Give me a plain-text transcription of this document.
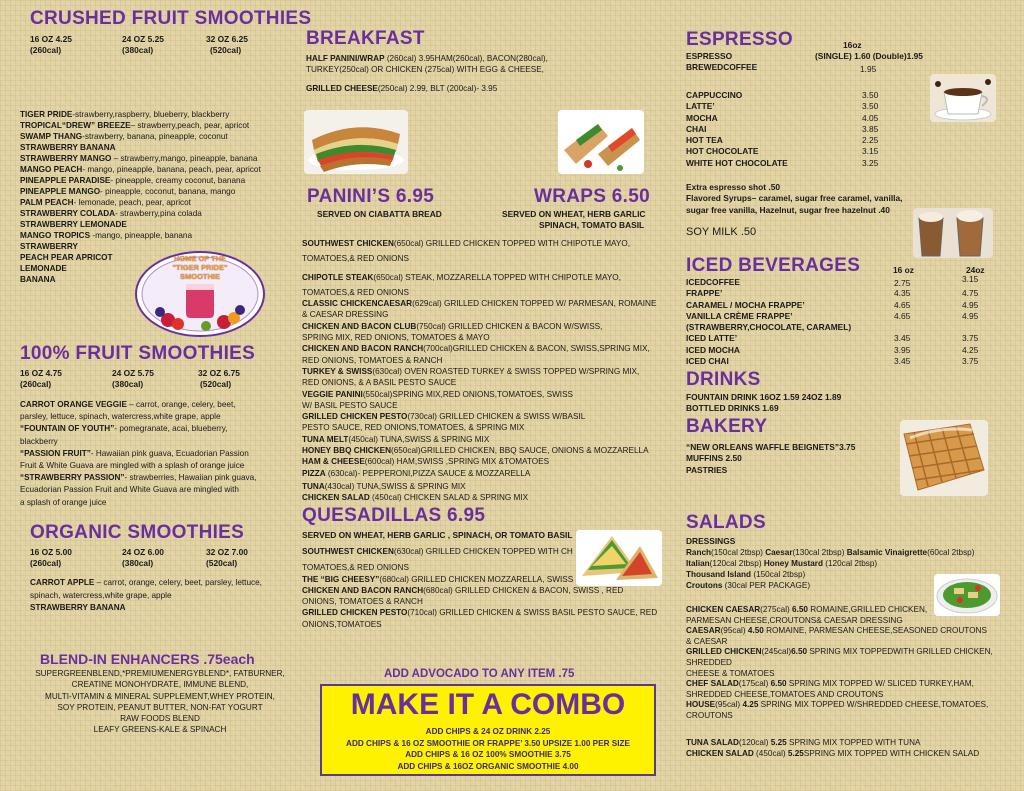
CRUSHED FRUIT SMOOTHIES
16 OZ 4.25	24 OZ 5.25	32 OZ 6.25
(260cal)	(380cal)	(520cal)
TIGER PRIDE-strawberry,raspberry, blueberry, blackberry
TROPICAL“DREW” BREEZE– strawberry,peach, pear, apricot
SWAMP THANG-strawberry, banana, pineapple, coconut
STRAWBERRY BANANA
STRAWBERRY MANGO – strawberry,mango, pineapple, banana
MANGO PEACH- mango, pineapple, banana, peach, pear, apricot
PINEAPPLE PARADISE- pineapple, creamy coconut, banana
PINEAPPLE MANGO- pineapple, coconut, banana, mango
PALM PEACH- lemonade, peach, pear, apricot
STRAWBERRY COLADA- strawberry,pina colada
STRAWBERRY LEMONADE
MANGO TROPICS -mango, pineapple, banana
STRAWBERRY
PEACH PEAR APRICOT
LEMONADE
BANANA
HOME OF THE
"TIGER PRIDE"
SMOOTHIE
100% FRUIT SMOOTHIES
16 OZ 4.75	24 OZ 5.75	32 OZ 6.75
(260cal)	(380cal)	(520cal)
CARROT ORANGE VEGGIE – carrot, orange, celery, beet,
parsley, lettuce, spinach, watercress,white grape, apple
“FOUNTAIN OF YOUTH”- pomegranate, acai, blueberry,
blackberry
“PASSION FRUIT”- Hawaiian pink guava, Ecuadorian Passion
Fruit & White Guava are mingled with a splash of orange juice
“STRAWBERRY PASSION”- strawberries, Hawaiian pink guava,
Ecuadorian Passion Fruit and White Guava are mingled with
a splash of orange juice
ORGANIC SMOOTHIES
16 OZ 5.00	24 OZ 6.00	32 OZ 7.00
(260cal)	(380cal)	(520cal)
CARROT APPLE – carrot, orange, celery, beet, parsley, lettuce,
spinach, watercress,white grape, apple
STRAWBERRY BANANA
BLEND-IN ENHANCERS .75each
SUPERGREENBLEND,*PREMIUMENERGYBLEND*, FATBURNER,
CREATINE MONOHYDRATE, IMMUNE BLEND,
MULTI-VITAMIN & MINERAL SUPPLEMENT,WHEY PROTEIN,
SOY PROTEIN, PEANUT BUTTER, NON-FAT YOGURT
RAW FOODS BLEND
LEAFY GREENS-KALE & SPINACH
BREAKFAST
HALF PANINI/WRAP (260cal) 3.95HAM(260cal), BACON(280cal),
TURKEY(250cal) OR CHICKEN (275cal) WITH EGG & CHEESE,
GRILLED CHEESE(250cal) 2.99, BLT (200cal)- 3.95
PANINI’S 6.95
SERVED ON CIABATTA BREAD
WRAPS 6.50
SERVED ON WHEAT, HERB GARLIC
SPINACH, TOMATO BASIL
SOUTHWEST CHICKEN(650cal) GRILLED CHICKEN TOPPED WITH CHIPOTLE MAYO,
TOMATOES,& RED ONIONS
CHIPOTLE STEAK(650cal) STEAK, MOZZARELLA TOPPED WITH CHIPOTLE MAYO,
TOMATOES,& RED ONIONS
CLASSIC CHICKENCAESAR(629cal) GRILLED CHICKEN TOPPED W/ PARMESAN, ROMAINE
& CAESAR DRESSING
CHICKEN AND BACON CLUB(750cal) GRILLED CHICKEN & BACON W/SWISS,
SPRING MIX, RED ONIONS, TOMATOES & MAYO
CHICKEN AND BACON RANCH(700cal)GRILLED CHICKEN & BACON, SWISS,SPRING MIX,
RED ONIONS, TOMATOES & RANCH
TURKEY & SWISS(630cal) OVEN ROASTED TURKEY & SWISS TOPPED W/SPRING MIX,
RED ONIONS, & A BASIL PESTO SAUCE
VEGGIE PANINI(550cal)SPRING MIX,RED ONIONS,TOMATOES, SWISS
W/ BASIL PESTO SAUCE
GRILLED CHICKEN PESTO(730cal) GRILLED CHICKEN & SWISS W/BASIL
PESTO SAUCE, RED ONIONS,TOMATOES, & SPRING MIX
TUNA MELT(450cal) TUNA,SWISS & SPRING MIX
HONEY BBQ CHICKEN(650cal)GRILLED CHICKEN, BBQ SAUCE, ONIONS & MOZZARELLA
HAM & CHEESE(600cal) HAM,SWISS ,SPRING MIX &TOMATOES
PIZZA (630cal)- PEPPERONI,PIZZA SAUCE & MOZZARELLA
TUNA(430cal) TUNA,SWISS & SPRING MIX
CHICKEN SALAD (450cal) CHICKEN SALAD & SPRING MIX
QUESADILLAS 6.95
SERVED ON WHEAT, HERB GARLIC , SPINACH, OR TOMATO BASIL
SOUTHWEST CHICKEN(630cal) GRILLED CHICKEN TOPPED WITH CH
TOMATOES,& RED ONIONS
THE “BIG CHEESY”(680cal) GRILLED CHICKEN MOZZARELLA, SWISS
CHICKEN AND BACON RANCH(680cal) GRILLED CHICKEN & BACON, SWISS , RED
ONIONS, TOMATOES & RANCH
GRILLED CHICKEN PESTO(710cal) GRILLED CHICKEN & SWISS BASIL PESTO SAUCE, RED
ONIONS,TOMATOES
ADD ADVOCADO TO ANY ITEM .75
MAKE IT A COMBO
ADD CHIPS & 24 OZ DRINK 2.25
ADD CHIPS & 16 OZ SMOOTHIE OR FRAPPE’ 3.50 UPSIZE 1.00 PER SIZE
ADD CHIPS & 16 OZ 100% SMOOTHIE 3.75
ADD CHIPS & 16OZ ORGANIC SMOOTHIE 4.00
ESPRESSO	16oz
ESPRESSO	(SINGLE) 1.60 (Double)1.95
BREWEDCOFFEE	1.95
CAPPUCCINO	3.50
LATTE’	3.50
MOCHA	4.05
CHAI	3.85
HOT TEA	2.25
HOT CHOCOLATE	3.15
WHITE HOT CHOCOLATE	3.25
Extra espresso shot .50
Flavored Syrups– caramel, sugar free caramel, vanilla,
sugar free vanilla, Hazelnut, sugar free hazelnut .40
SOY MILK .50
ICED BEVERAGES	16 oz	24oz
ICEDCOFFEE	2.75	3.15
FRAPPE’	4.35	4.75
CARAMEL / MOCHA FRAPPE’	4.65	4.95
VANILLA CRÈME FRAPPE’	4.65	4.95
(STRAWBERRY,CHOCOLATE, CARAMEL)
ICED LATTE’	3.45	3.75
ICED MOCHA	3.95	4.25
ICED CHAI	3.45	3.75
DRINKS
FOUNTAIN DRINK 16OZ 1.59 24OZ 1.89
BOTTLED DRINKS 1.69
BAKERY
“NEW ORLEANS WAFFLE BEIGNETS”3.75
MUFFINS 2.50
PASTRIES
SALADS
DRESSINGS
Ranch(150cal 2tbsp) Caesar(130cal 2tbsp) Balsamic Vinaigrette(60cal 2tbsp)
Italian(120cal 2tbsp) Honey Mustard (120cal 2tbsp)
Thousand Island (150cal 2tbsp)
Croutons (30cal PER PACKAGE)
CHICKEN CAESAR(275cal) 6.50 ROMAINE,GRILLED CHICKEN,
PARMESAN CHEESE,CROUTONS& CAESAR DRESSING
CAESAR(95cal) 4.50 ROMAINE, PARMESAN CHEESE,SEASONED CROUTONS
& CAESAR
GRILLED CHICKEN(245cal)6.50 SPRING MIX TOPPEDWITH GRILLED CHICKEN,
SHREDDED
CHEESE & TOMATOES
CHEF SALAD(175cal) 6.50 SPRING MIX TOPPED W/ SLICED TURKEY,HAM,
SHREDDED CHEESE,TOMATOES AND CROUTONS
HOUSE(95cal) 4.25 SPRING MIX TOPPED W/SHREDDED CHEESE,TOMATOES,
CROUTONS
TUNA SALAD(120cal) 5.25 SPRING MIX TOPPED WITH TUNA
CHICKEN SALAD (450cal) 5.25SPRING MIX TOPPED WITH CHICKEN SALAD
